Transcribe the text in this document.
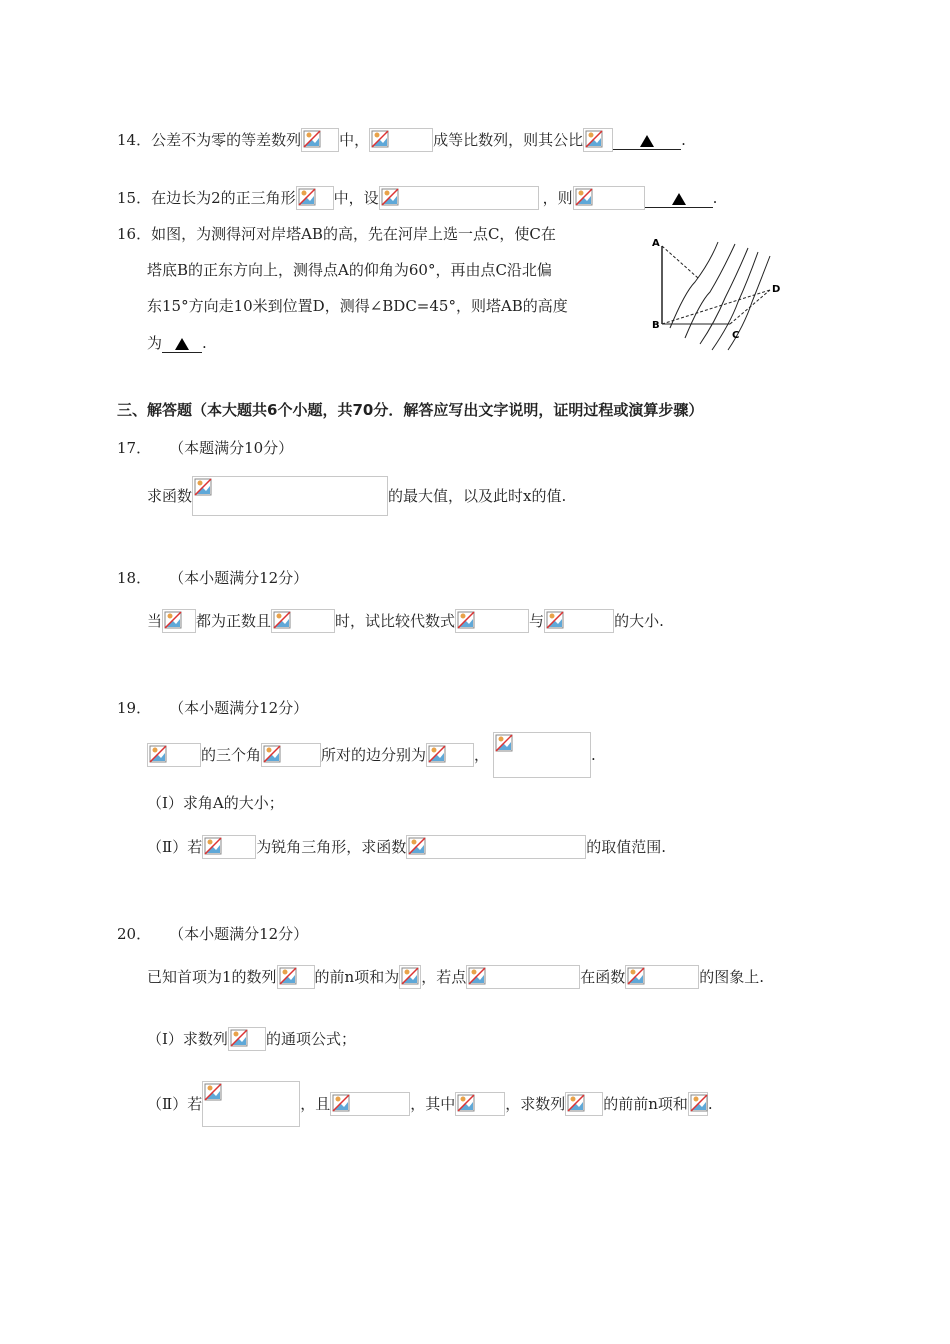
14．公差不为零的等差数列	中，	成等比数列，则其公比	.
15．在边长为2的正三角形	中，设	，则	.
16．如图，为测得河对岸塔AB的高，先在河岸上选一点C，使C在
塔底B的正东方向上，测得点A的仰角为60°，再由点C沿北偏
东15°方向走10米到位置D，测得∠BDC=45°，则塔AB的高度
为	.
A
B
C
D
三、解答题（本大题共6个小题，共70分．解答应写出文字说明，证明过程或演算步骤）
17． （本题满分10分）
求函数	的最大值，以及此时x的值.
18． （本小题满分12分）
当 都为正数且	时，试比较代数式	与	的大小.
19． （本小题满分12分）
的三个角	所对的边分别为	，	.
（Ⅰ）求角A的大小；
（Ⅱ）若	为锐角三角形，求函数	的取值范围.
20． （本小题满分12分）
已知首项为1的数列	的前n项和为 ，若点	在函数	的图象上.
（Ⅰ）求数列	的通项公式；
（Ⅱ）若	，且	，其中	，求数列	的前前n项和 .
